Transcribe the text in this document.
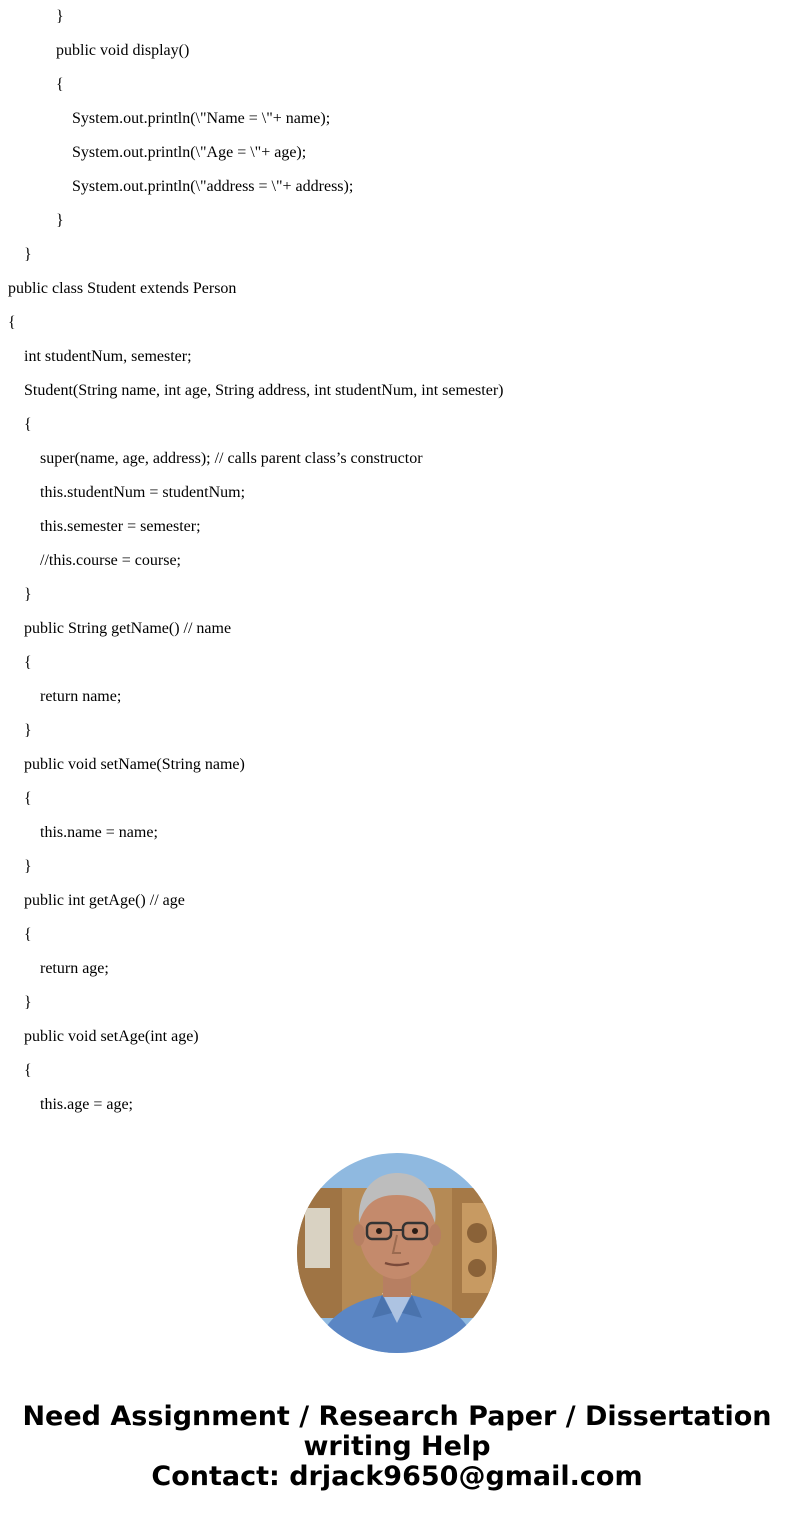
}
public void display()
{
System.out.println(\"Name = \"+ name);
System.out.println(\"Age = \"+ age);
System.out.println(\"address = \"+ address);
}
}
public class Student extends Person
{
int studentNum, semester;
Student(String name, int age, String address, int studentNum, int semester)
{
super(name, age, address); // calls parent class’s constructor
this.studentNum = studentNum;
this.semester = semester;
//this.course = course;
}
public String getName() // name
{
return name;
}
public void setName(String name)
{
this.name = name;
}
public int getAge() // age
{
return age;
}
public void setAge(int age)
{
this.age = age;
Need Assignment / Research Paper / Dissertation
writing Help
Contact: drjack9650@gmail.com
